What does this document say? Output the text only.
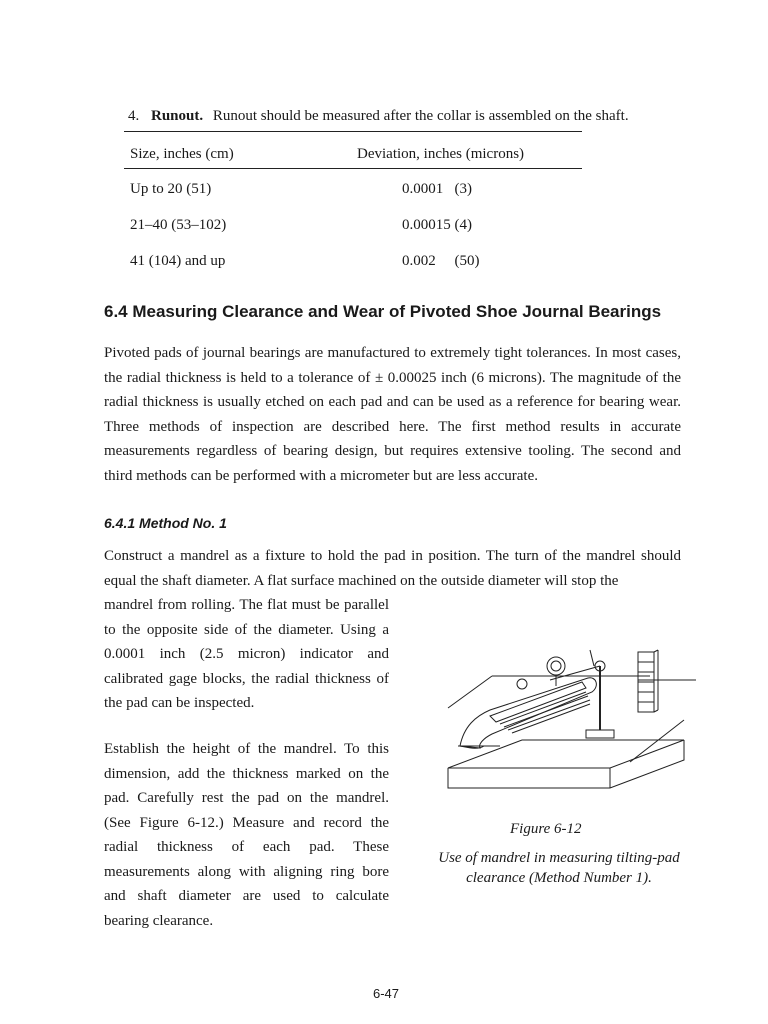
4. Runout. Runout should be measured after the collar is assembled on the shaft.
Size, inches (cm)	Deviation, inches (microns)
Up to 20 (51)	0.0001   (3)
21–40 (53–102)	0.00015 (4)
41 (104) and up	0.002     (50)
6.4 Measuring Clearance and Wear of Pivoted Shoe Journal Bearings

Pivoted pads of journal bearings are manufactured to extremely tight tolerances. In most cases, the radial thickness is held to a tolerance of ± 0.00025 inch (6 microns). The magnitude of the radial thickness is usually etched on each pad and can be used as a reference for bearing wear. Three methods of inspection are described here. The first method results in accurate measurements regardless of bearing design, but requires extensive tooling. The second and third methods can be performed with a micrometer but are less accurate.

6.4.1 Method No. 1

Construct a mandrel as a fixture to hold the pad in position. The turn of the mandrel should equal the shaft diameter. A flat surface machined on the outside diameter will stop the

mandrel from rolling. The flat must be parallel to the opposite side of the diameter. Using a 0.0001 inch (2.5 micron) indicator and calibrated gage blocks, the radial thickness of the pad can be inspected.

Establish the height of the mandrel. To this dimension, add the thickness marked on the pad. Carefully rest the pad on the mandrel. (See Figure 6-12.) Measure and record the radial thickness of each pad. These measurements along with aligning ring bore and shaft diameter are used to calculate bearing clearance.

Figure 6-12
Use of mandrel in measuring tilting-pad clearance (Method Number 1).
6-47
